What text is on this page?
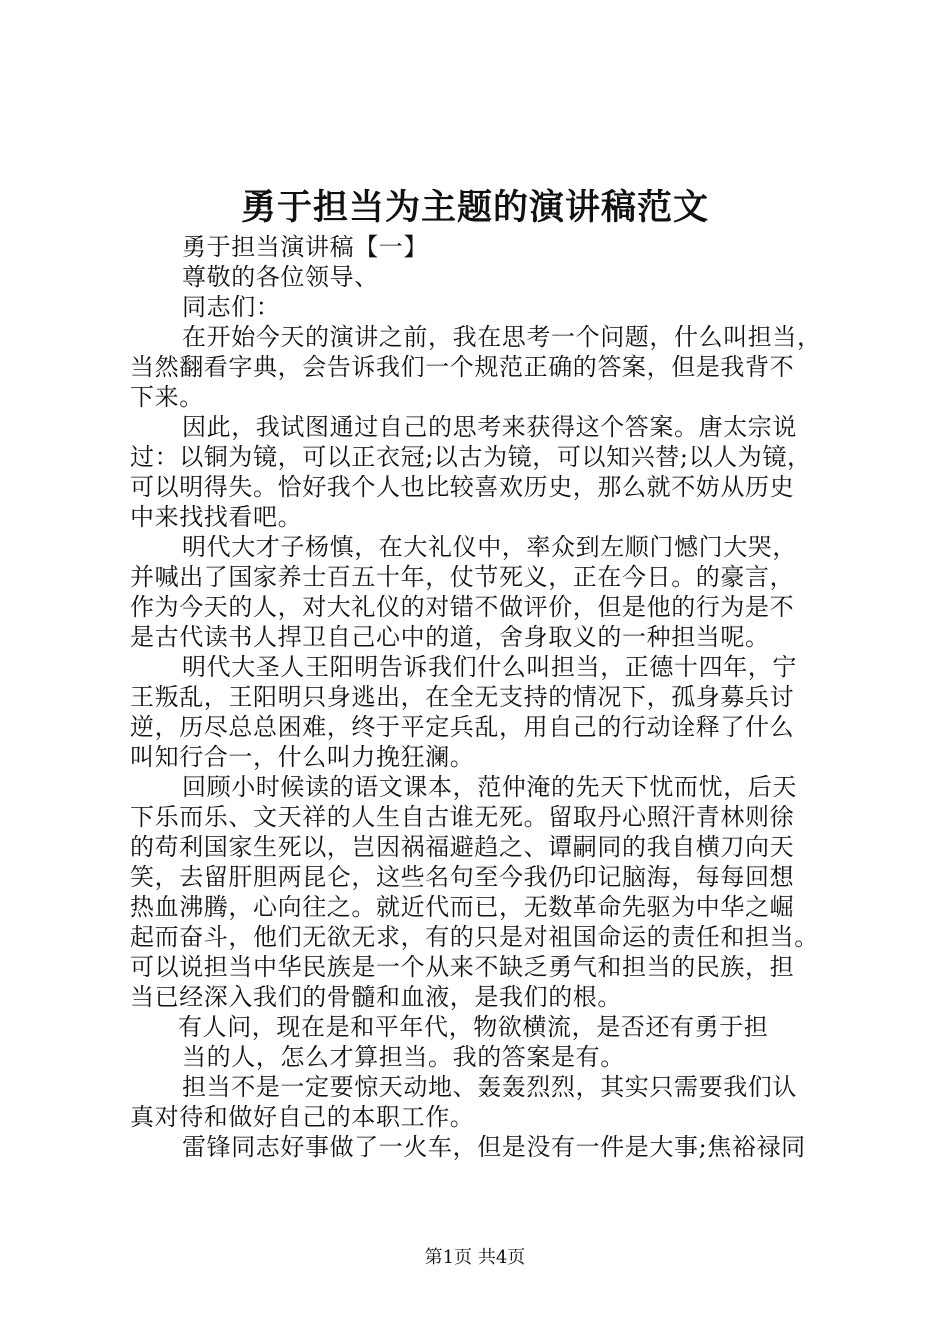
勇于担当为主题的演讲稿范文
勇于担当演讲稿【一】
尊敬的各位领导、
同志们：
在开始今天的演讲之前，我在思考一个问题，什么叫担当，
当然翻看字典，会告诉我们一个规范正确的答案，但是我背不
下来。
因此，我试图通过自己的思考来获得这个答案。唐太宗说
过：以铜为镜，可以正衣冠;以古为镜，可以知兴替;以人为镜，
可以明得失。恰好我个人也比较喜欢历史，那么就不妨从历史
中来找找看吧。
明代大才子杨慎，在大礼仪中，率众到左顺门憾门大哭，
并喊出了国家养士百五十年，仗节死义，正在今日。的豪言，
作为今天的人，对大礼仪的对错不做评价，但是他的行为是不
是古代读书人捍卫自己心中的道，舍身取义的一种担当呢。
明代大圣人王阳明告诉我们什么叫担当，正德十四年，宁
王叛乱，王阳明只身逃出，在全无支持的情况下，孤身募兵讨
逆，历尽总总困难，终于平定兵乱，用自己的行动诠释了什么
叫知行合一，什么叫力挽狂澜。
回顾小时候读的语文课本，范仲淹的先天下忧而忧，后天
下乐而乐、文天祥的人生自古谁无死。留取丹心照汗青林则徐
的苟利国家生死以，岂因祸福避趋之、谭嗣同的我自横刀向天
笑，去留肝胆两昆仑，这些名句至今我仍印记脑海，每每回想
热血沸腾，心向往之。就近代而已，无数革命先驱为中华之崛
起而奋斗，他们无欲无求，有的只是对祖国命运的责任和担当。
可以说担当中华民族是一个从来不缺乏勇气和担当的民族，担
当已经深入我们的骨髓和血液，是我们的根。
有人问，现在是和平年代，物欲横流，是否还有勇于担
当的人，怎么才算担当。我的答案是有。
担当不是一定要惊天动地、轰轰烈烈，其实只需要我们认
真对待和做好自己的本职工作。
雷锋同志好事做了一火车，但是没有一件是大事;焦裕禄同
第1页 共4页
